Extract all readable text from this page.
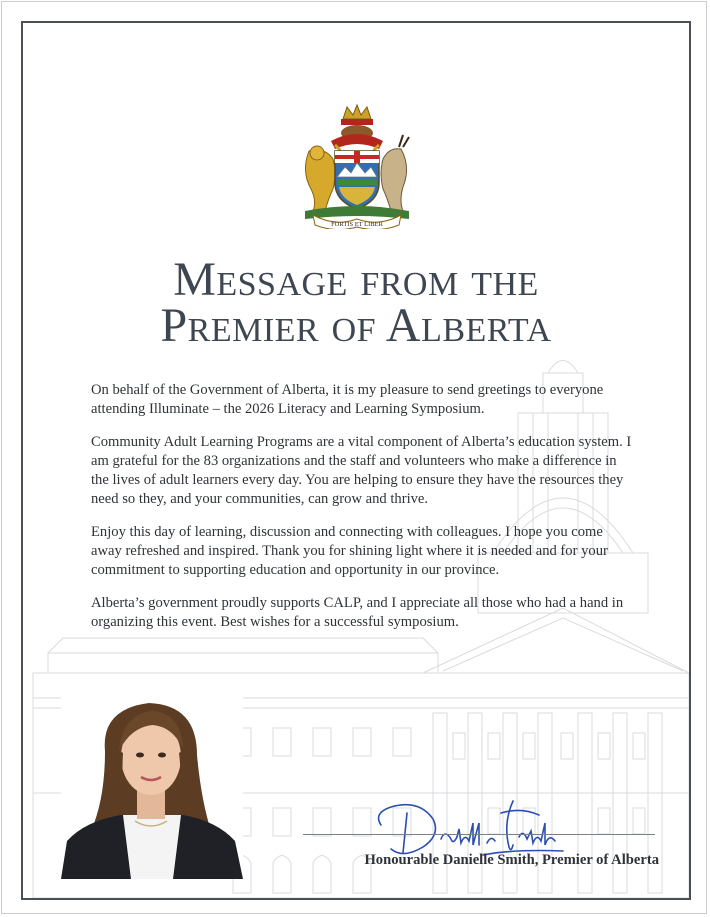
FORTIS ET LIBER
Message from the
Premier of Alberta

On behalf of the Government of Alberta, it is my pleasure to send greetings to everyone attending Illuminate – the 2026 Literacy and Learning Symposium.

Community Adult Learning Programs are a vital component of Alberta’s education system. I am grateful for the 83 organizations and the staff and volunteers who make a difference in the lives of adult learners every day. You are helping to ensure they have the resources they need so they, and your communities, can grow and thrive.

Enjoy this day of learning, discussion and connecting with colleagues. I hope you come away refreshed and inspired. Thank you for shining light where it is needed and for your commitment to supporting education and opportunity in our province.

Alberta’s government proudly supports CALP, and I appreciate all those who had a hand in organizing this event. Best wishes for a successful symposium.

Honourable Danielle Smith, Premier of Alberta
